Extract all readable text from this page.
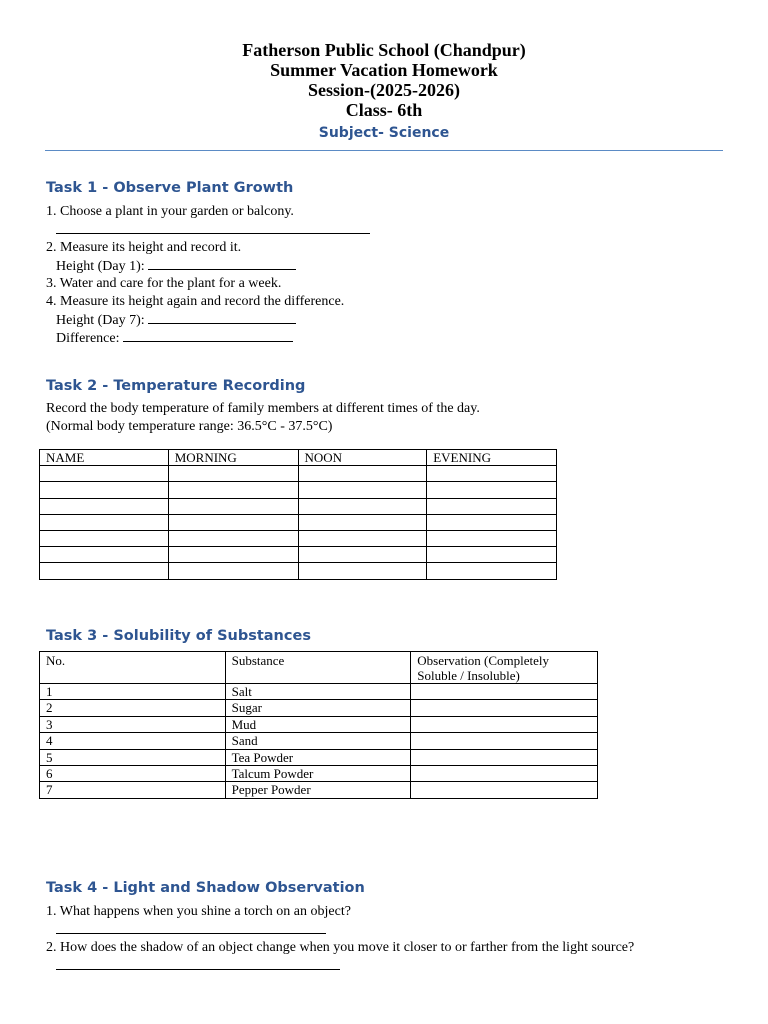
Fatherson Public School (Chandpur)
Summer Vacation Homework
Session-(2025-2026)
Class- 6th
Subject- Science
Task 1 - Observe Plant Growth
1. Choose a plant in your garden or balcony.
2. Measure its height and record it.
Height (Day 1):
3. Water and care for the plant for a week.
4. Measure its height again and record the difference.
Height (Day 7):
Difference:
Task 2 - Temperature Recording
Record the body temperature of family members at different times of the day.
(Normal body temperature range: 36.5°C - 37.5°C)
NAME	MORNING	NOON	EVENING

Task 3 - Solubility of Substances
No.	Substance	Observation (Completely Soluble / Insoluble)
1	Salt	
2	Sugar	
3	Mud	
4	Sand	
5	Tea Powder	
6	Talcum Powder	
7	Pepper Powder	
Task 4 - Light and Shadow Observation
1. What happens when you shine a torch on an object?
2. How does the shadow of an object change when you move it closer to or farther from the light source?
